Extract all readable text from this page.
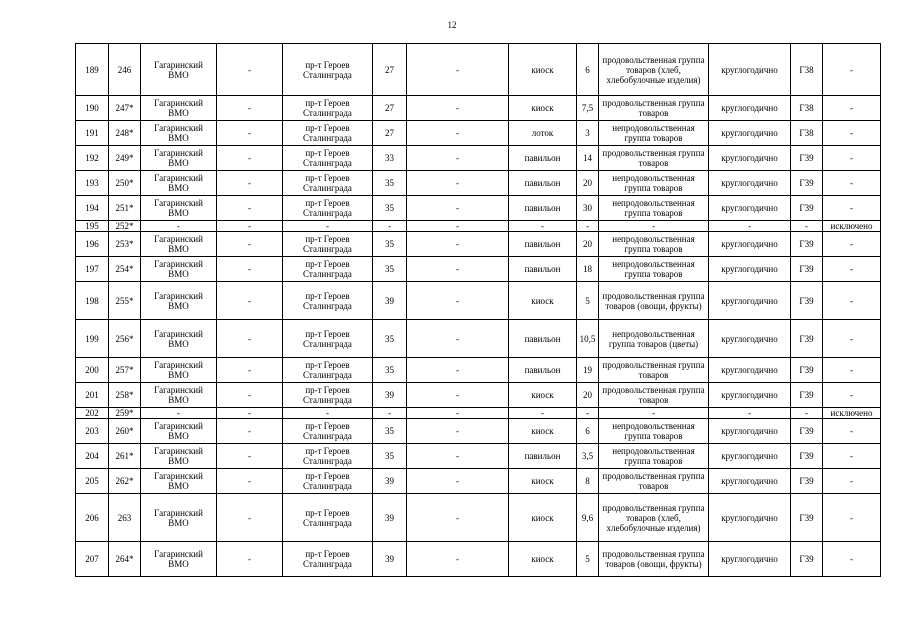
12
189	246	Гагаринский ВМО	-	пр-т Героев Сталинграда	27	-	киоск	6	продовольственная группа товаров (хлеб, хлебобулочные изделия)	круглогодично	Г38	-
190	247*	Гагаринский ВМО	-	пр-т Героев Сталинграда	27	-	киоск	7,5	продовольственная группа товаров	круглогодично	Г38	-
191	248*	Гагаринский ВМО	-	пр-т Героев Сталинграда	27	-	лоток	3	непродовольственная группа товаров	круглогодично	Г38	-
192	249*	Гагаринский ВМО	-	пр-т Героев Сталинграда	33	-	павильон	14	продовольственная группа товаров	круглогодично	Г39	-
193	250*	Гагаринский ВМО	-	пр-т Героев Сталинграда	35	-	павильон	20	непродовольственная группа товаров	круглогодично	Г39	-
194	251*	Гагаринский ВМО	-	пр-т Героев Сталинграда	35	-	павильон	30	непродовольственная группа товаров	круглогодично	Г39	-
195	252*	-	-	-	-	-	-	-	-	-	-	исключено
196	253*	Гагаринский ВМО	-	пр-т Героев Сталинграда	35	-	павильон	20	непродовольственная группа товаров	круглогодично	Г39	-
197	254*	Гагаринский ВМО	-	пр-т Героев Сталинграда	35	-	павильон	18	непродовольственная группа товаров	круглогодично	Г39	-
198	255*	Гагаринский ВМО	-	пр-т Героев Сталинграда	39	-	киоск	5	продовольственная группа товаров (овощи, фрукты)	круглогодично	Г39	-
199	256*	Гагаринский ВМО	-	пр-т Героев Сталинграда	35	-	павильон	10,5	непродовольственная группа товаров (цветы)	круглогодично	Г39	-
200	257*	Гагаринский ВМО	-	пр-т Героев Сталинграда	35	-	павильон	19	продовольственная группа товаров	круглогодично	Г39	-
201	258*	Гагаринский ВМО	-	пр-т Героев Сталинграда	39	-	киоск	20	продовольственная группа товаров	круглогодично	Г39	-
202	259*	-	-	-	-	-	-	-	-	-	-	исключено
203	260*	Гагаринский ВМО	-	пр-т Героев Сталинграда	35	-	киоск	6	непродовольственная группа товаров	круглогодично	Г39	-
204	261*	Гагаринский ВМО	-	пр-т Героев Сталинграда	35	-	павильон	3,5	непродовольственная группа товаров	круглогодично	Г39	-
205	262*	Гагаринский ВМО	-	пр-т Героев Сталинграда	39	-	киоск	8	продовольственная группа товаров	круглогодично	Г39	-
206	263	Гагаринский ВМО	-	пр-т Героев Сталинграда	39	-	киоск	9,6	продовольственная группа товаров (хлеб, хлебобулочные изделия)	круглогодично	Г39	-
207	264*	Гагаринский ВМО	-	пр-т Героев Сталинграда	39	-	киоск	5	продовольственная группа товаров (овощи, фрукты)	круглогодично	Г39	-
